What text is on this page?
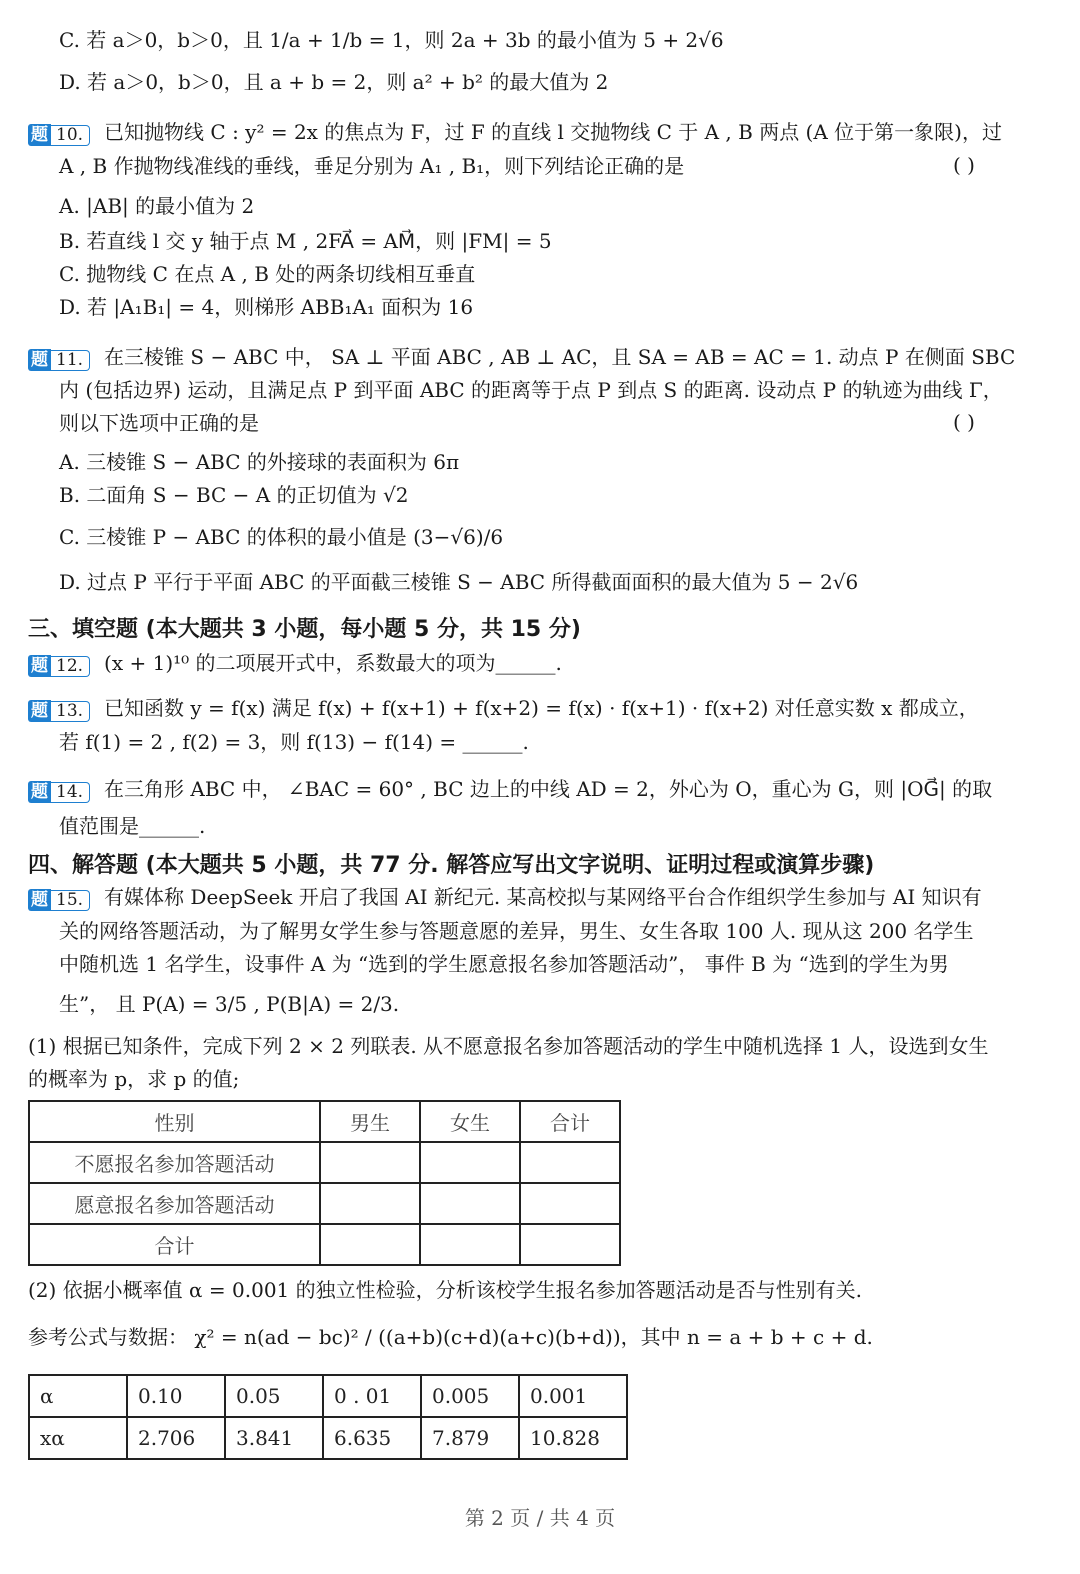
C. 若 a＞0，b＞0，且 1/a + 1/b = 1，则 2a + 3b 的最小值为 5 + 2√6
D. 若 a＞0，b＞0，且 a + b = 2，则 a² + b² 的最大值为 2
题 10. 已知抛物线 C : y² = 2x 的焦点为 F，过 F 的直线 l 交抛物线 C 于 A , B 两点 (A 位于第一象限)，过
A , B 作抛物线准线的垂线，垂足分别为 A₁ , B₁，则下列结论正确的是	( )
A. |AB| 的最小值为 2
B. 若直线 l 交 y 轴于点 M , 2FA⃗ = AM⃗，则 |FM| = 5
C. 抛物线 C 在点 A , B 处的两条切线相互垂直
D. 若 |A₁B₁| = 4，则梯形 ABB₁A₁ 面积为 16
题 11. 在三棱锥 S − ABC 中， SA ⊥ 平面 ABC , AB ⊥ AC，且 SA = AB = AC = 1. 动点 P 在侧面 SBC
内 (包括边界) 运动，且满足点 P 到平面 ABC 的距离等于点 P 到点 S 的距离. 设动点 P 的轨迹为曲线 Γ，
则以下选项中正确的是	( )
A. 三棱锥 S − ABC 的外接球的表面积为 6π
B. 二面角 S − BC − A 的正切值为 √2
C. 三棱锥 P − ABC 的体积的最小值是 (3−√6)/6
D. 过点 P 平行于平面 ABC 的平面截三棱锥 S − ABC 所得截面面积的最大值为 5 − 2√6
三、填空题 (本大题共 3 小题，每小题 5 分，共 15 分)
题 12. (x + 1)¹⁰ 的二项展开式中，系数最大的项为______.
题 13. 已知函数 y = f(x) 满足 f(x) + f(x+1) + f(x+2) = f(x) · f(x+1) · f(x+2) 对任意实数 x 都成立，
若 f(1) = 2 , f(2) = 3，则 f(13) − f(14) = ______.
题 14. 在三角形 ABC 中， ∠BAC = 60° , BC 边上的中线 AD = 2，外心为 O，重心为 G，则 |OG⃗| 的取
值范围是______.
四、解答题 (本大题共 5 小题，共 77 分. 解答应写出文字说明、证明过程或演算步骤)
题 15. 有媒体称 DeepSeek 开启了我国 AI 新纪元. 某高校拟与某网络平台合作组织学生参加与 AI 知识有
关的网络答题活动，为了解男女学生参与答题意愿的差异，男生、女生各取 100 人. 现从这 200 名学生
中随机选 1 名学生，设事件 A 为 “选到的学生愿意报名参加答题活动”， 事件 B 为 “选到的学生为男
生”， 且 P(A) = 3/5 , P(B|A) = 2/3.
(1) 根据已知条件，完成下列 2 × 2 列联表. 从不愿意报名参加答题活动的学生中随机选择 1 人，设选到女生
的概率为 p，求 p 的值;
性别	男生	女生	合计
不愿报名参加答题活动			
愿意报名参加答题活动			
合计			
(2) 依据小概率值 α = 0.001 的独立性检验，分析该校学生报名参加答题活动是否与性别有关.
参考公式与数据： χ² = n(ad − bc)² / ((a+b)(c+d)(a+c)(b+d))，其中 n = a + b + c + d.
α	0.10	0.05	0 . 01	0.005	0.001
xα	2.706	3.841	6.635	7.879	10.828
第 2 页 / 共 4 页
